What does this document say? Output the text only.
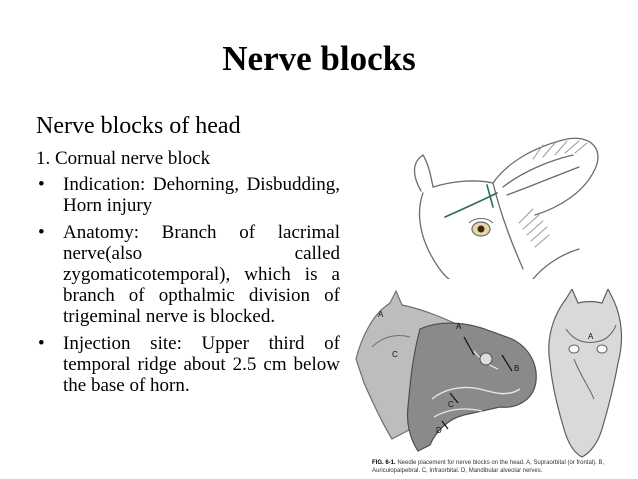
Nerve blocks

Nerve blocks of head

1. Cornual nerve block

• Indication: Dehorning, Disbudding, Horn injury
• Anatomy: Branch of lacrimal nerve(also called zygomaticotemporal), which is a branch of opthalmic division of trigeminal nerve is blocked.
• Injection site: Upper third of temporal ridge about 2.5 cm below the base of horn.
A
A
B
C
C
D
A
FIG. 6-1. Needle placement for nerve blocks on the head. A, Supraorbital (or frontal). B, Auriculopalpebral. C, Infraorbital. D, Mandibular alveolar nerves.
